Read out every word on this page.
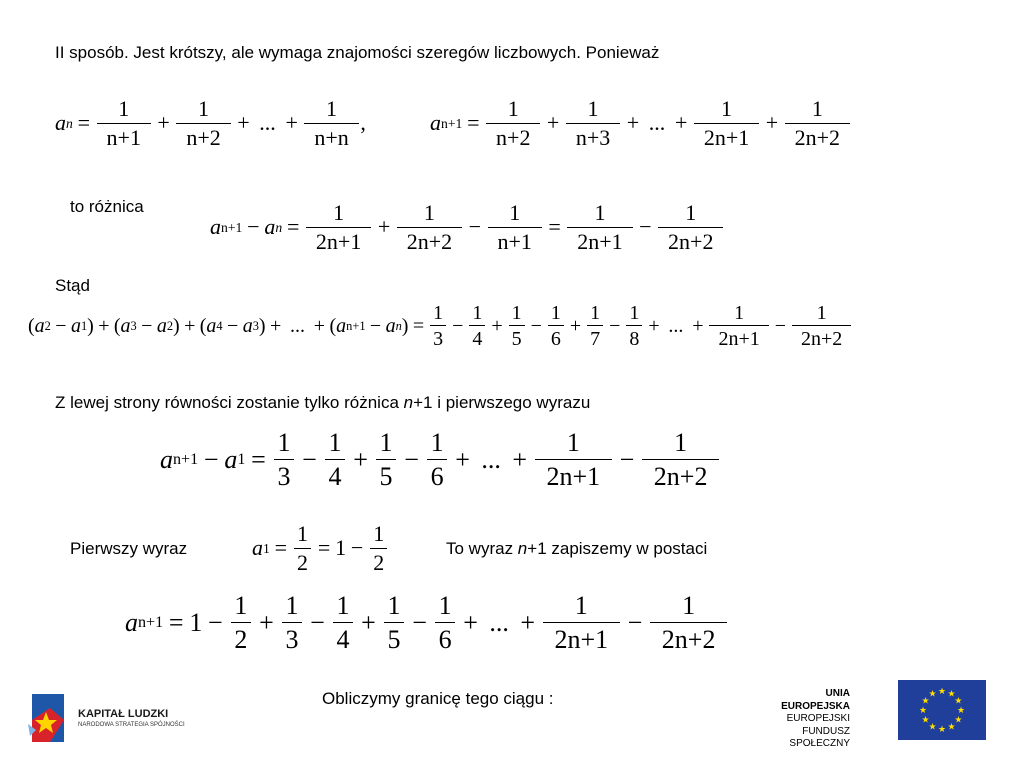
II sposób. Jest krótszy, ale wymaga znajomości szeregów liczbowych. Ponieważ
a $n = \frac{1}{n+1} + \frac{1}{n+2}$ + ... + $\frac{1}{n+n}$ ,	a $n+1 = \frac{1}{n+2} + \frac{1}{n+3}$ + ... + $\frac{1}{2n+1} + \frac{1}{2n+2}$
to różnica
a n+1 − a $n = \frac{1}{2n+1} + \frac{1}{2n+2} - \frac{1}{n+1} = \frac{1}{2n+1} - \frac{1}{2n+2}$
Stąd
( a 2 − a 1 ) + ( a 3 − a 2 ) + ( a 4 − a 3 ) + ... + ( a n+1 − a n ) = $\frac{1}{3} - \frac{1}{4} + \frac{1}{5} - \frac{1}{6} + \frac{1}{7} - \frac{1}{8}$ + ... + $\frac{1}{2n+1} - \frac{1}{2n+2}$
Z lewej strony równości zostanie tylko różnica n+1 i pierwszego wyrazu
a n+1 − a $1 = \frac{1}{3} - \frac{1}{4} + \frac{1}{5} - \frac{1}{6}$ + ... + $\frac{1}{2n+1} - \frac{1}{2n+2}$
Pierwszy wyraz	a $1 = \frac{1}{2} = 1 - \frac{1}{2}$	To wyraz n+1 zapiszemy w postaci
a $n+1 = 1 - \frac{1}{2} + \frac{1}{3} - \frac{1}{4} + \frac{1}{5} - \frac{1}{6}$ + ... + $\frac{1}{2n+1} - \frac{1}{2n+2}$
Obliczymy granicę tego ciągu :
KAPITAŁ LUDZKI
NARODOWA STRATEGIA SPÓJNOŚCI
UNIA EUROPEJSKA
EUROPEJSKI
FUNDUSZ SPOŁECZNY
★ ★
★
★
★
★
★
★
★
★
★
★
